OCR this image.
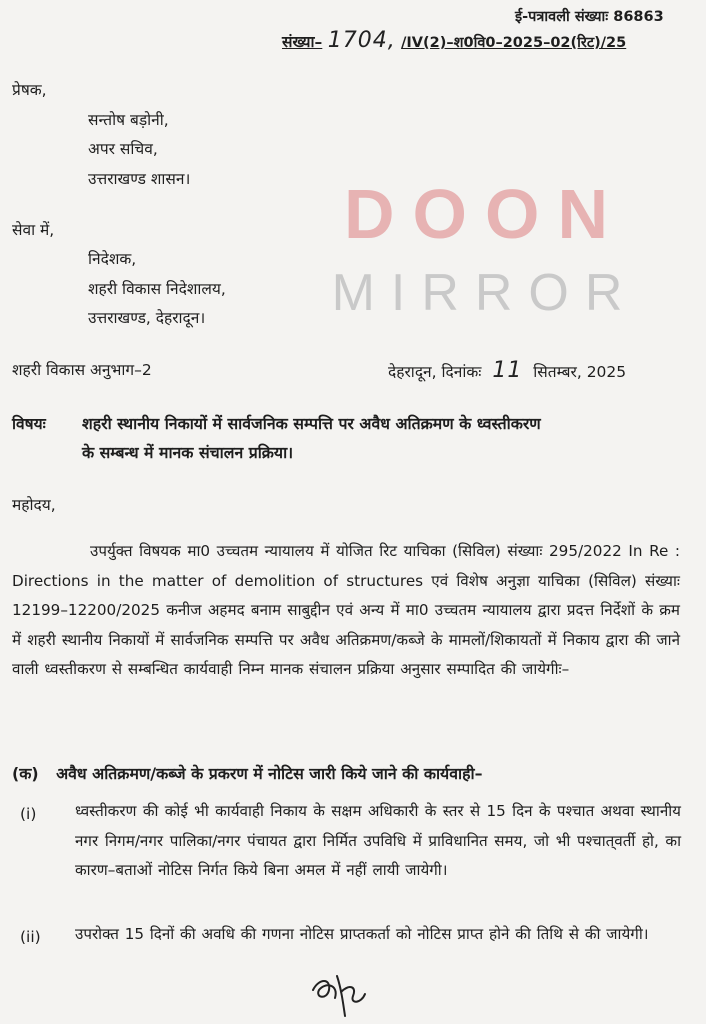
DOON
MIRROR
ई-पत्रावली संख्याः 86863
संख्या– 1704, /IV(2)–श0वि0–2025–02(रिट)/25
प्रेषक,
सन्तोष बड़ोनी,
अपर सचिव,
उत्तराखण्ड शासन।
सेवा में,
निदेशक,
शहरी विकास निदेशालय,
उत्तराखण्ड, देहरादून।
शहरी विकास अनुभाग–2	देहरादून, दिनांकः 11 सितम्बर, 2025
विषयः शहरी स्थानीय निकायों में सार्वजनिक सम्पत्ति पर अवैध अतिक्रमण के ध्वस्तीकरण
के सम्बन्ध में मानक संचालन प्रक्रिया।
महोदय,
उपर्युक्त विषयक मा0 उच्चतम न्यायालय में योजित रिट याचिका (सिविल) संख्याः 295/2022 In Re : Directions in the matter of demolition of structures एवं विशेष अनुज्ञा याचिका (सिविल) संख्याः 12199–12200/2025 कनीज अहमद बनाम साबुद्दीन एवं अन्य में मा0 उच्चतम न्यायालय द्वारा प्रदत्त निर्देशों के क्रम में शहरी स्थानीय निकायों में सार्वजनिक सम्पत्ति पर अवैध अतिक्रमण/कब्जे के मामलों/शिकायतों में निकाय द्वारा की जाने वाली ध्वस्तीकरण से सम्बन्धित कार्यवाही निम्न मानक संचालन प्रक्रिया अनुसार सम्पादित की जायेगीः–
(क) अवैध अतिक्रमण/कब्जे के प्रकरण में नोटिस जारी किये जाने की कार्यवाही–
(i)	ध्वस्तीकरण की कोई भी कार्यवाही निकाय के सक्षम अधिकारी के स्तर से 15 दिन के पश्चात अथवा स्थानीय नगर निगम/नगर पालिका/नगर पंचायत द्वारा निर्मित उपविधि में प्राविधानित समय, जो भी पश्चात्‌वर्ती हो, का कारण–बताओं नोटिस निर्गत किये बिना अमल में नहीं लायी जायेगी।
(ii) उपरोक्त 15 दिनों की अवधि की गणना नोटिस प्राप्तकर्ता को नोटिस प्राप्त होने की तिथि से की जायेगी।
